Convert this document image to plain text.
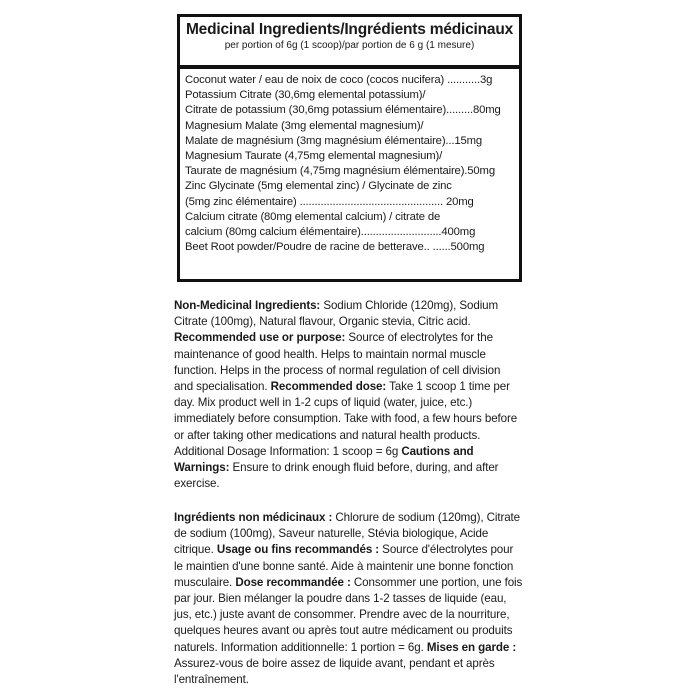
Medicinal Ingredients/Ingrédients médicinaux
per portion of 6g (1 scoop)/par portion de 6 g (1 mesure)
Coconut water / eau de noix de coco (cocos nucifera) ...........3g
Potassium Citrate (30,6mg elemental potassium)/
Citrate de potassium (30,6mg potassium élémentaire).........80mg
Magnesium Malate (3mg elemental magnesium)/
Malate de magnésium (3mg magnésium élémentaire)...15mg
Magnesium Taurate (4,75mg elemental magnesium)/
Taurate de magnésium (4,75mg magnésium élémentaire).50mg
Zinc Glycinate (5mg elemental zinc) / Glycinate de zinc
(5mg zinc élémentaire) ................................................ 20mg
Calcium citrate (80mg elemental calcium) / citrate de
calcium (80mg calcium élémentaire)...........................400mg
Beet Root powder/Poudre de racine de betterave.. ......500mg
Non-Medicinal Ingredients: Sodium Chloride (120mg), Sodium
Citrate (100mg), Natural flavour, Organic stevia, Citric acid.
Recommended use or purpose: Source of electrolytes for the
maintenance of good health. Helps to maintain normal muscle
function. Helps in the process of normal regulation of cell division
and specialisation. Recommended dose: Take 1 scoop 1 time per
day. Mix product well in 1-2 cups of liquid (water, juice, etc.)
immediately before consumption. Take with food, a few hours before
or after taking other medications and natural health products.
Additional Dosage Information: 1 scoop = 6g Cautions and
Warnings: Ensure to drink enough fluid before, during, and after
exercise.
Ingrédients non médicinaux : Chlorure de sodium (120mg), Citrate
de sodium (100mg), Saveur naturelle, Stévia biologique, Acide
citrique. Usage ou fins recommandés : Source d'électrolytes pour
le maintien d'une bonne santé. Aide à maintenir une bonne fonction
musculaire. Dose recommandée : Consommer une portion, une fois
par jour. Bien mélanger la poudre dans 1-2 tasses de liquide (eau,
jus, etc.) juste avant de consommer. Prendre avec de la nourriture,
quelques heures avant ou après tout autre médicament ou produits
naturels. Information additionnelle: 1 portion = 6g. Mises en garde :
Assurez-vous de boire assez de liquide avant, pendant et après
l'entraînement.
